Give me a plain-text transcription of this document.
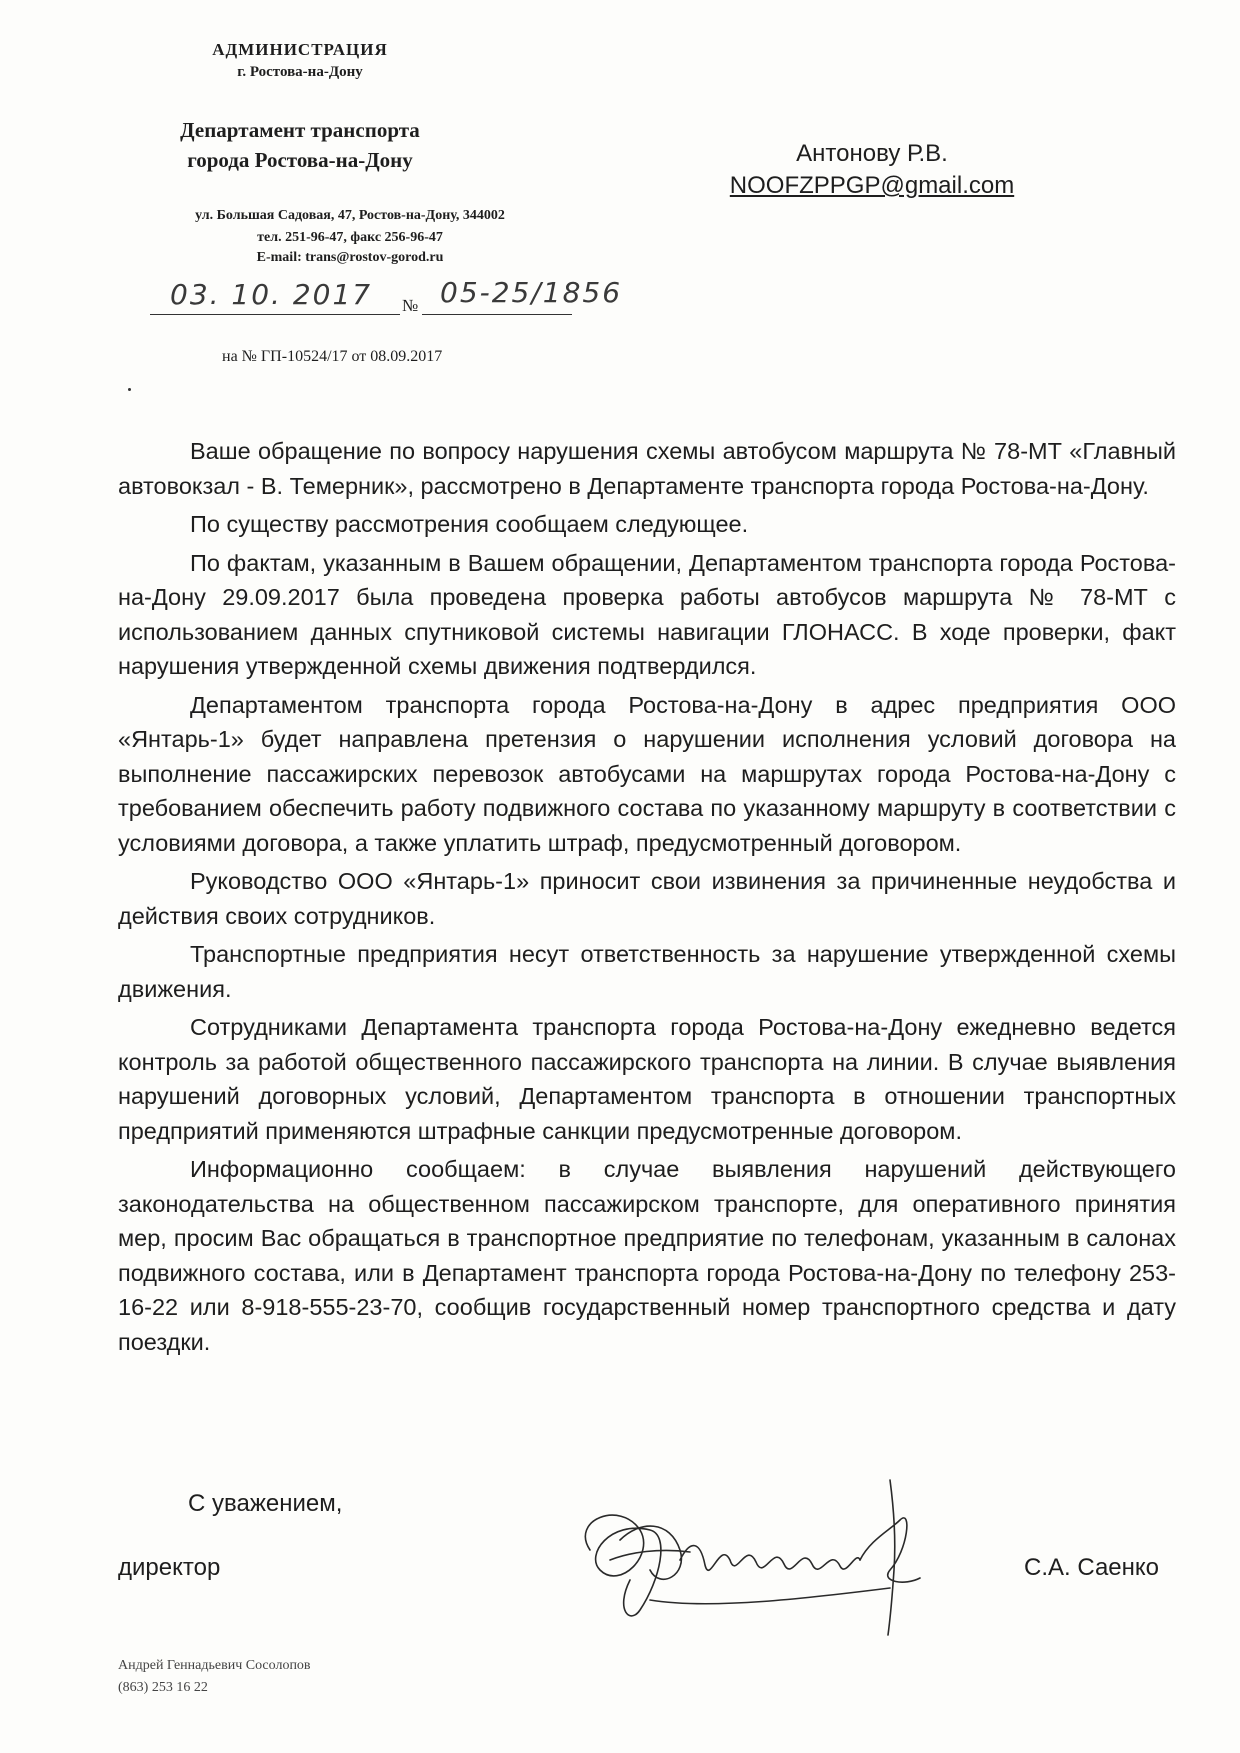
АДМИНИСТРАЦИЯ
г. Ростова-на-Дону
Департамент транспорта
города Ростова-на-Дону
ул. Большая Садовая, 47, Ростов-на-Дону, 344002
тел. 251-96-47, факс 256-96-47
E-mail: trans@rostov-gorod.ru
03. 10. 2017 № 05-25/1856
на № ГП-10524/17 от 08.09.2017
Антонову Р.В.
NOOFZPPGP@gmail.com

Ваше обращение по вопросу нарушения схемы автобусом маршрута № 78-МТ «Главный автовокзал - В. Темерник», рассмотрено в Департаменте транспорта города Ростова-на-Дону.

По существу рассмотрения сообщаем следующее.

По фактам, указанным в Вашем обращении, Департаментом транспорта города Ростова-на-Дону 29.09.2017 была проведена проверка работы автобусов маршрута № 78-МТ с использованием данных спутниковой системы навигации ГЛОНАСС. В ходе проверки, факт нарушения утвержденной схемы движения подтвердился.

Департаментом транспорта города Ростова-на-Дону в адрес предприятия ООО «Янтарь-1» будет направлена претензия о нарушении исполнения условий договора на выполнение пассажирских перевозок автобусами на маршрутах города Ростова-на-Дону с требованием обеспечить работу подвижного состава по указанному маршруту в соответствии с условиями договора, а также уплатить штраф, предусмотренный договором.

Руководство ООО «Янтарь-1» приносит свои извинения за причиненные неудобства и действия своих сотрудников.

Транспортные предприятия несут ответственность за нарушение утвержденной схемы движения.

Сотрудниками Департамента транспорта города Ростова-на-Дону ежедневно ведется контроль за работой общественного пассажирского транспорта на линии. В случае выявления нарушений договорных условий, Департаментом транспорта в отношении транспортных предприятий применяются штрафные санкции предусмотренные договором.

Информационно сообщаем: в случае выявления нарушений действующего законодательства на общественном пассажирском транспорте, для оперативного принятия мер, просим Вас обращаться в транспортное предприятие по телефонам, указанным в салонах подвижного состава, или в Департамент транспорта города Ростова-на-Дону по телефону 253-16-22 или 8-918-555-23-70, сообщив государственный номер транспортного средства и дату поездки.

С уважением,
директор	С.А. Саенко
Андрей Геннадьевич Сосолопов
(863) 253 16 22
